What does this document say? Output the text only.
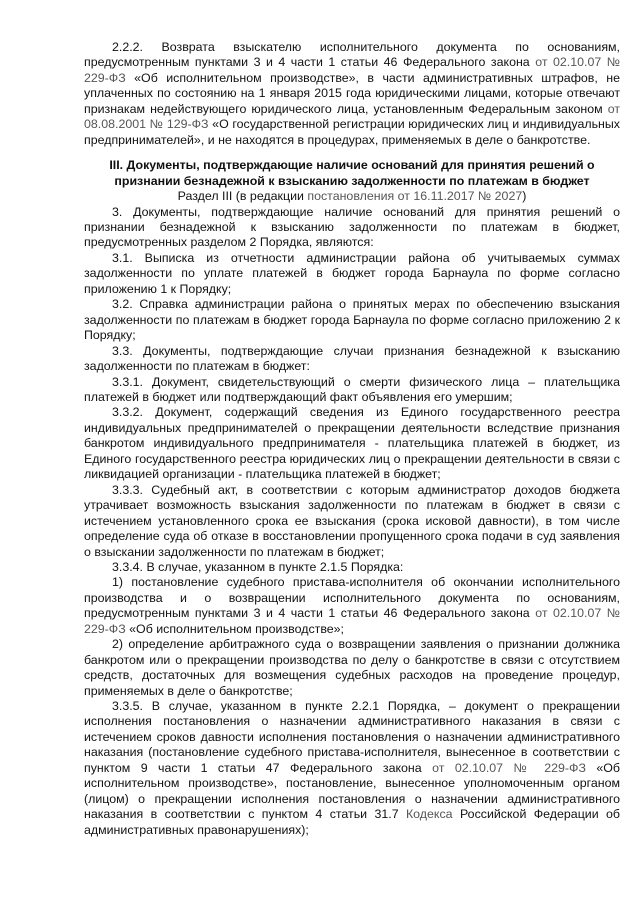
2.2.2. Возврата взыскателю исполнительного документа по основаниям, предусмотренным пунктами 3 и 4 части 1 статьи 46 Федерального закона от 02.10.07 № 229-ФЗ «Об исполнительном производстве», в части административных штрафов, не уплаченных по состоянию на 1 января 2015 года юридическими лицами, которые отвечают признакам недействующего юридического лица, установленным Федеральным законом от 08.08.2001 № 129-ФЗ «О государственной регистрации юридических лиц и индивидуальных предпринимателей», и не находятся в процедурах, применяемых в деле о банкротстве.

III. Документы, подтверждающие наличие оснований для принятия решений о признании безнадежной к взысканию задолженности по платежам в бюджет

Раздел III (в редакции постановления от 16.11.2017 № 2027)

3. Документы, подтверждающие наличие оснований для принятия решений о признании безнадежной к взысканию задолженности по платежам в бюджет, предусмотренных разделом 2 Порядка, являются:

3.1. Выписка из отчетности администрации района об учитываемых суммах задолженности по уплате платежей в бюджет города Барнаула по форме согласно приложению 1 к Порядку;

3.2. Справка администрации района о принятых мерах по обеспечению взыскания задолженности по платежам в бюджет города Барнаула по форме согласно приложению 2 к Порядку;

3.3. Документы, подтверждающие случаи признания безнадежной к взысканию задолженности по платежам в бюджет:

3.3.1. Документ, свидетельствующий о смерти физического лица – плательщика платежей в бюджет или подтверждающий факт объявления его умершим;

3.3.2. Документ, содержащий сведения из Единого государственного реестра индивидуальных предпринимателей о прекращении деятельности вследствие признания банкротом индивидуального предпринимателя - плательщика платежей в бюджет, из Единого государственного реестра юридических лиц о прекращении деятельности в связи с ликвидацией организации - плательщика платежей в бюджет;

3.3.3. Судебный акт, в соответствии с которым администратор доходов бюджета утрачивает возможность взыскания задолженности по платежам в бюджет в связи с истечением установленного срока ее взыскания (срока исковой давности), в том числе определение суда об отказе в восстановлении пропущенного срока подачи в суд заявления о взыскании задолженности по платежам в бюджет;

3.3.4. В случае, указанном в пункте 2.1.5 Порядка:

1) постановление судебного пристава-исполнителя об окончании исполнительного производства и о возвращении исполнительного документа по основаниям, предусмотренным пунктами 3 и 4 части 1 статьи 46 Федерального закона от 02.10.07 № 229-ФЗ «Об исполнительном производстве»;

2) определение арбитражного суда о возвращении заявления о признании должника банкротом или о прекращении производства по делу о банкротстве в связи с отсутствием средств, достаточных для возмещения судебных расходов на проведение процедур, применяемых в деле о банкротстве;

3.3.5. В случае, указанном в пункте 2.2.1 Порядка, – документ о прекращении исполнения постановления о назначении административного наказания в связи с истечением сроков давности исполнения постановления о назначении административного наказания (постановление судебного пристава-исполнителя, вынесенное в соответствии с пунктом 9 части 1 статьи 47 Федерального закона от 02.10.07 № 229-ФЗ «Об исполнительном производстве», постановление, вынесенное уполномоченным органом (лицом) о прекращении исполнения постановления о назначении административного наказания в соответствии с пунктом 4 статьи 31.7 Кодекса Российской Федерации об административных правонарушениях);
